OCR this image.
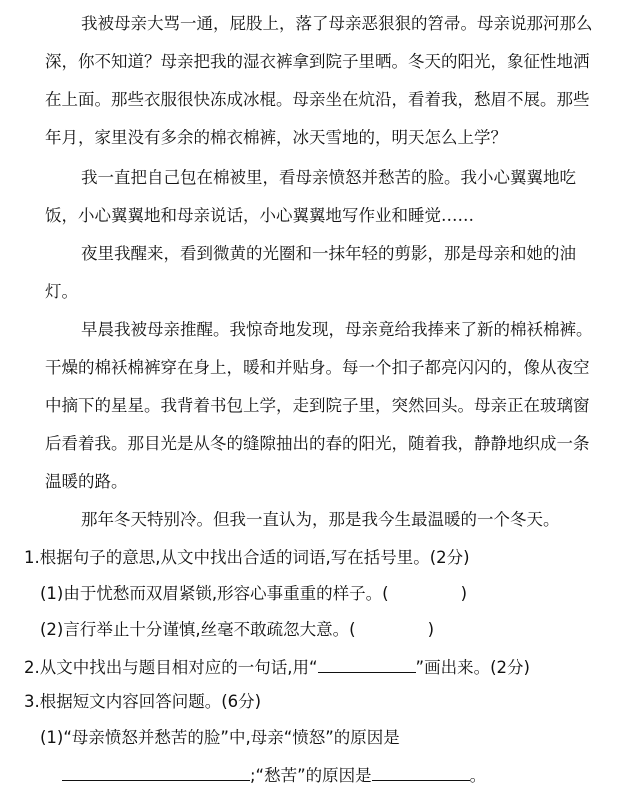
我被母亲大骂一通，屁股上，落了母亲恶狠狠的笤帚。母亲说那河那么
深，你不知道？母亲把我的湿衣裤拿到院子里晒。冬天的阳光，象征性地洒
在上面。那些衣服很快冻成冰棍。母亲坐在炕沿，看着我，愁眉不展。那些
年月，家里没有多余的棉衣棉裤，冰天雪地的，明天怎么上学？
我一直把自己包在棉被里，看母亲愤怒并愁苦的脸。我小心翼翼地吃
饭，小心翼翼地和母亲说话，小心翼翼地写作业和睡觉……
夜里我醒来，看到微黄的光圈和一抹年轻的剪影，那是母亲和她的油
灯。
早晨我被母亲推醒。我惊奇地发现，母亲竟给我捧来了新的棉袄棉裤。
干燥的棉袄棉裤穿在身上，暖和并贴身。每一个扣子都亮闪闪的，像从夜空
中摘下的星星。我背着书包上学，走到院子里，突然回头。母亲正在玻璃窗
后看着我。那目光是从冬的缝隙抽出的春的阳光，随着我，静静地织成一条
温暖的路。
那年冬天特别冷。但我一直认为，那是我今生最温暖的一个冬天。
1.根据句子的意思,从文中找出合适的词语,写在括号里。(2分)
(1)由于忧愁而双眉紧锁,形容心事重重的样子。(	)
(2)言行举止十分谨慎,丝毫不敢疏忽大意。(	)
2.从文中找出与题目相对应的一句话,用“	”画出来。(2分)
3.根据短文内容回答问题。(6分)
(1)“母亲愤怒并愁苦的脸”中,母亲“愤怒”的原因是
;“愁苦”的原因是	。
